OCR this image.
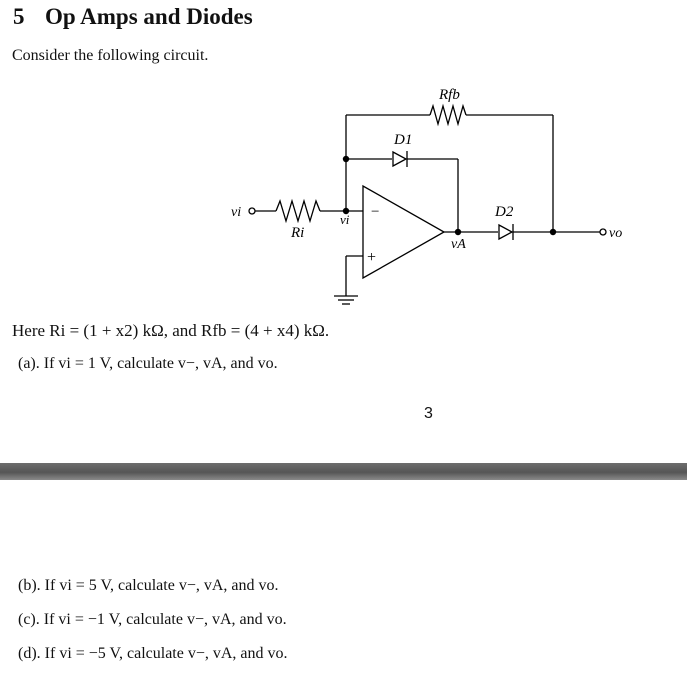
5 Op Amps and Diodes
Consider the following circuit.
Rfb
D1
D2
vi
Ri
vi
vA
vo
−
+
Here Ri = (1 + x2) kΩ, and Rfb = (4 + x4) kΩ.
(a). If vi = 1 V, calculate v−, vA, and vo.
3
(b). If vi = 5 V, calculate v−, vA, and vo.
(c). If vi = −1 V, calculate v−, vA, and vo.
(d). If vi = −5 V, calculate v−, vA, and vo.
